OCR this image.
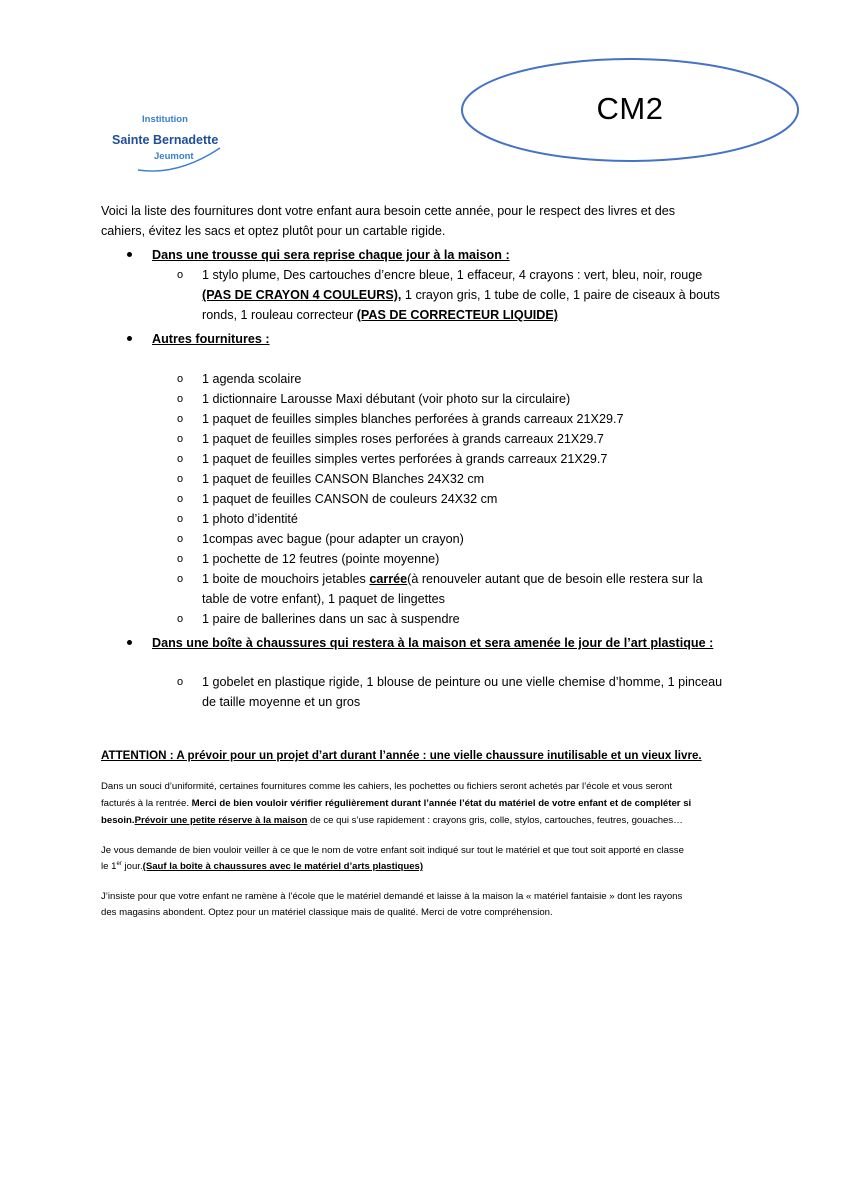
Institution
Sainte Bernadette
Jeumont
CM2
Voici la liste des fournitures dont votre enfant aura besoin cette année, pour le respect des livres et des
cahiers, évitez les sacs et optez plutôt pour un cartable rigide.
Dans une trousse qui sera reprise chaque jour à la maison :
o 1 stylo plume, Des cartouches d’encre bleue, 1 effaceur, 4 crayons : vert, bleu, noir, rouge
(PAS DE CRAYON 4 COULEURS), 1 crayon gris, 1 tube de colle, 1 paire de ciseaux à bouts
ronds, 1 rouleau correcteur (PAS DE CORRECTEUR LIQUIDE)
Autres fournitures :
o 1 agenda scolaire
o 1 dictionnaire Larousse Maxi débutant (voir photo sur la circulaire)
o 1 paquet de feuilles simples blanches perforées à grands carreaux 21X29.7
o 1 paquet de feuilles simples roses perforées à grands carreaux 21X29.7
o 1 paquet de feuilles simples vertes perforées à grands carreaux 21X29.7
o 1 paquet de feuilles CANSON Blanches 24X32 cm
o 1 paquet de feuilles CANSON de couleurs 24X32 cm
o 1 photo d’identité
o 1compas avec bague (pour adapter un crayon)
o 1 pochette de 12 feutres (pointe moyenne)
o 1 boite de mouchoirs jetables carrée(à renouveler autant que de besoin elle restera sur la
table de votre enfant), 1 paquet de lingettes
o 1 paire de ballerines dans un sac à suspendre
Dans une boîte à chaussures qui restera à la maison et sera amenée le jour de l’art plastique :
o 1 gobelet en plastique rigide, 1 blouse de peinture ou une vielle chemise d’homme, 1 pinceau
de taille moyenne et un gros
ATTENTION : A prévoir pour un projet d’art durant l’année : une vielle chaussure inutilisable et un vieux livre.
Dans un souci d’uniformité, certaines fournitures comme les cahiers, les pochettes ou fichiers seront achetés par l’école et vous seront
facturés à la rentrée. Merci de bien vouloir vérifier régulièrement durant l’année l’état du matériel de votre enfant et de compléter si
besoin.Prévoir une petite réserve à la maison de ce qui s’use rapidement : crayons gris, colle, stylos, cartouches, feutres, gouaches…
Je vous demande de bien vouloir veiller à ce que le nom de votre enfant soit indiqué sur tout le matériel et que tout soit apporté en classe
le 1er jour.(Sauf la boîte à chaussures avec le matériel d’arts plastiques)
J’insiste pour que votre enfant ne ramène à l’école que le matériel demandé et laisse à la maison la « matériel fantaisie » dont les rayons
des magasins abondent. Optez pour un matériel classique mais de qualité. Merci de votre compréhension.
